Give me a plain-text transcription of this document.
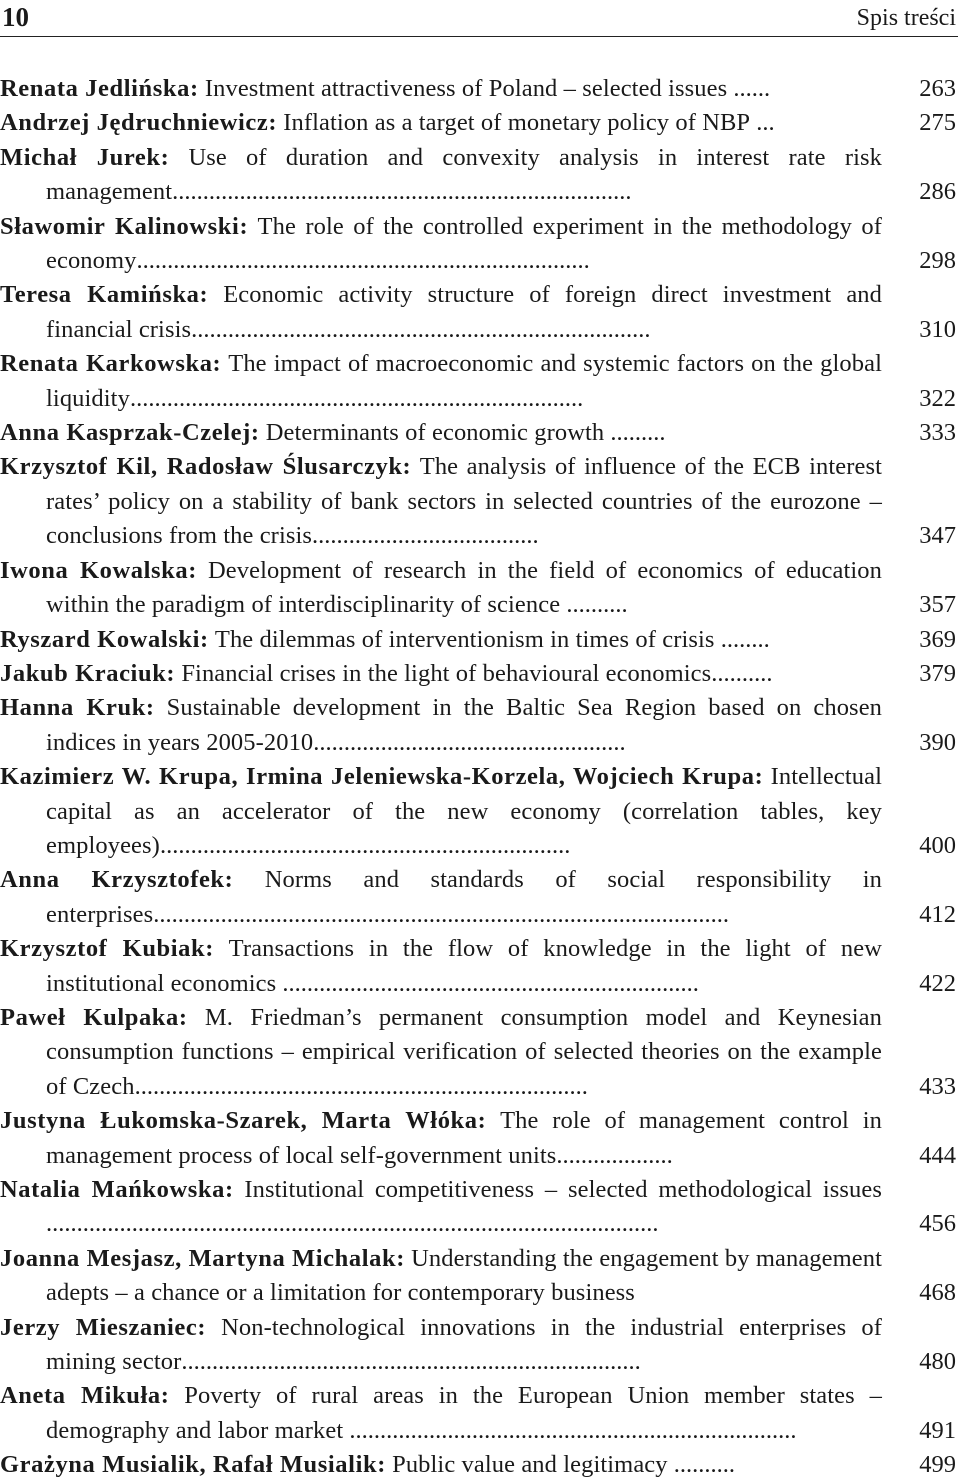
10	Spis treści
Renata Jedlińska: Investment attractiveness of Poland – selected issues ......	263
Andrzej Jędruchniewicz: Inflation as a target of monetary policy of NBP ...	275
Michał Jurek: Use of duration and convexity analysis in interest rate risk management...........................................................................	286
Sławomir Kalinowski: The role of the controlled experiment in the methodology of economy..........................................................................	298
Teresa Kamińska: Economic activity structure of foreign direct investment and financial crisis...........................................................................	310
Renata Karkowska: The impact of macroeconomic and systemic factors on the global liquidity..........................................................................	322
Anna Kasprzak-Czelej: Determinants of economic growth .........	333
Krzysztof Kil, Radosław Ślusarczyk: The analysis of influence of the ECB interest rates’ policy on a stability of bank sectors in selected countries of the eurozone – conclusions from the crisis.....................................	347
Iwona Kowalska: Development of research in the field of economics of education within the paradigm of interdisciplinarity of science ..........	357
Ryszard Kowalski: The dilemmas of interventionism in times of crisis ........	369
Jakub Kraciuk: Financial crises in the light of behavioural economics..........	379
Hanna Kruk: Sustainable development in the Baltic Sea Region based on chosen indices in years 2005-2010...................................................	390
Kazimierz W. Krupa, Irmina Jeleniewska-Korzela, Wojciech Krupa: Intellectual capital as an accelerator of the new economy (correlation tables, key employees)...................................................................	400
Anna Krzysztofek: Norms and standards of social responsibility in enterprises..............................................................................................	412
Krzysztof Kubiak: Transactions in the flow of knowledge in the light of new institutional economics ....................................................................	422
Paweł Kulpaka: M. Friedman’s permanent consumption model and Keynesian consumption functions – empirical verification of selected theories on the example of Czech..........................................................................	433
Justyna Łukomska-Szarek, Marta Włóka: The role of management control in management process of local self-government units...................	444
Natalia Mańkowska: Institutional competitiveness – selected methodological issues ....................................................................................................	456
Joanna Mesjasz, Martyna Michalak: Understanding the engagement by management adepts – a chance or a limitation for contemporary business	468
Jerzy Mieszaniec: Non-technological innovations in the industrial enterprises of mining sector...........................................................................	480
Aneta Mikuła: Poverty of rural areas in the European Union member states – demography and labor market .........................................................................	491
Grażyna Musialik, Rafał Musialik: Public value and legitimacy ..........	499
